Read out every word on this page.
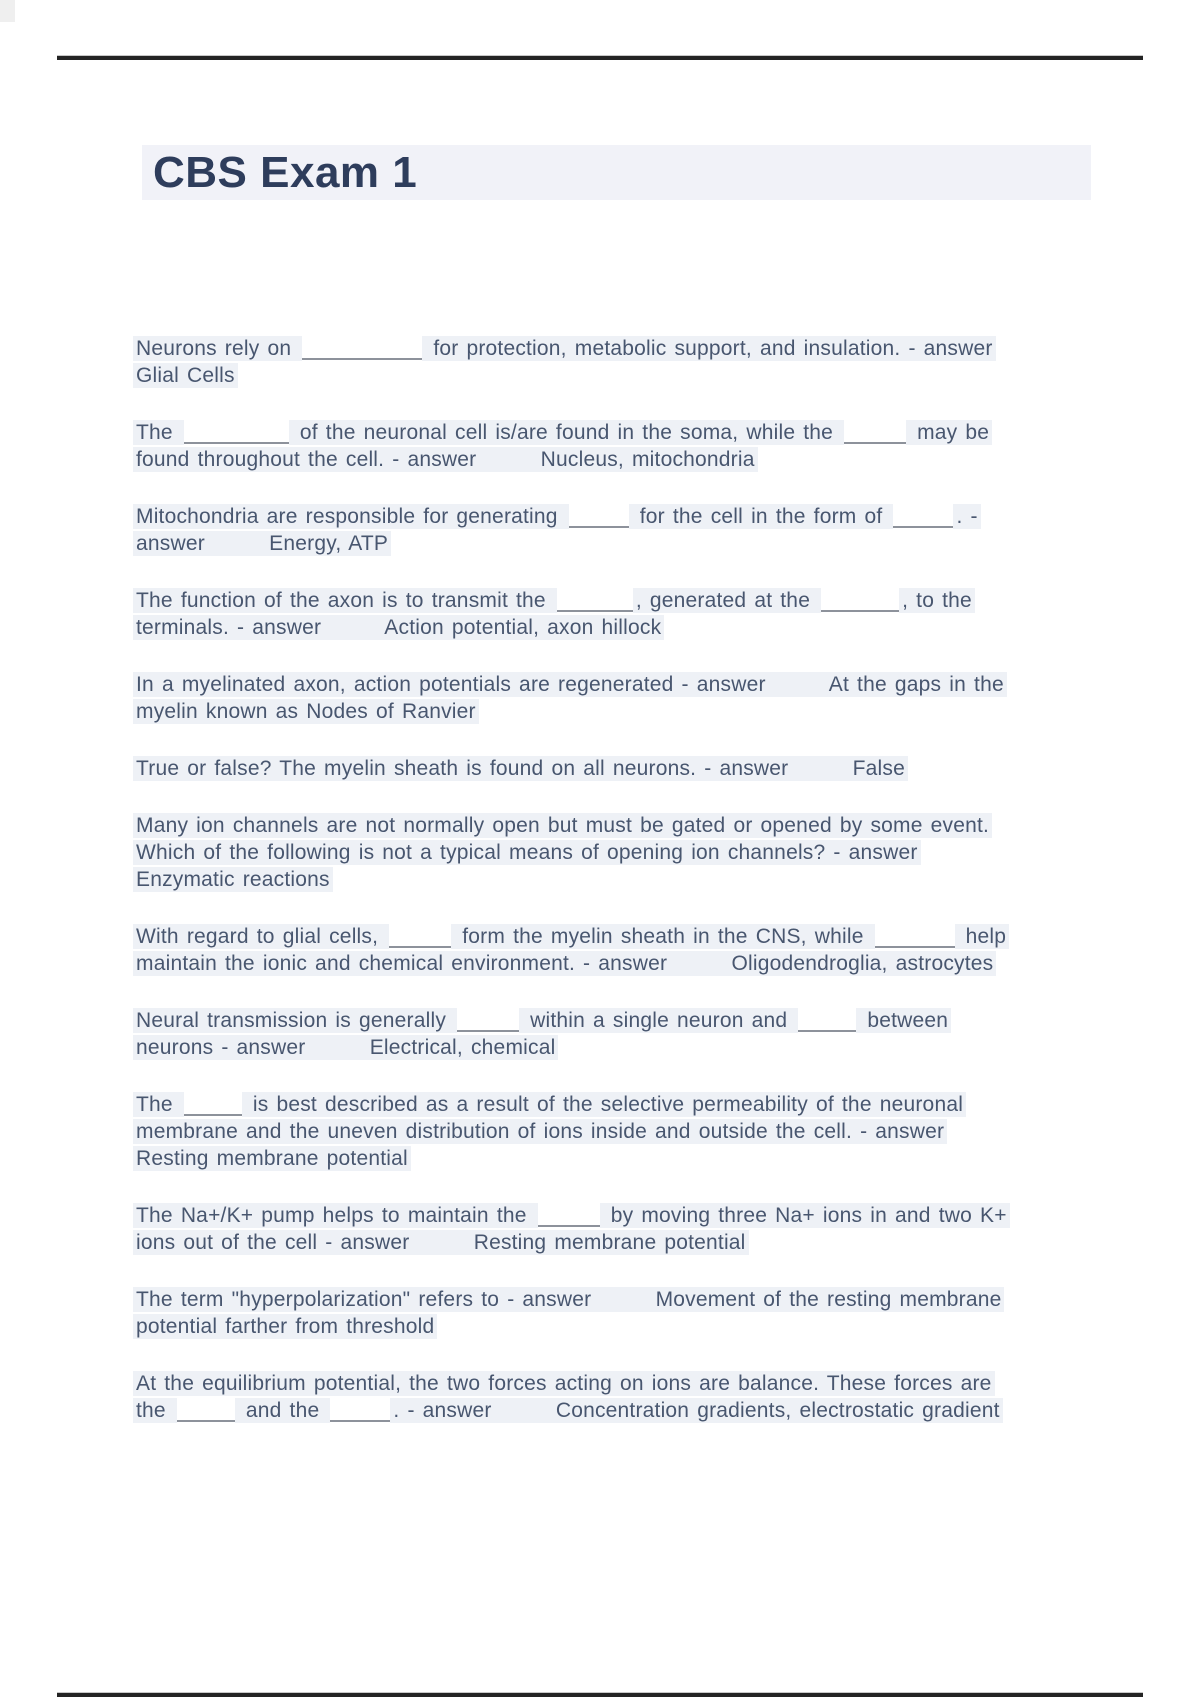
CBS Exam 1
Neurons rely on	for protection, metabolic support, and insulation. - answer
Glial Cells
The	of the neuronal cell is/are found in the soma, while the	may be
found throughout the cell. - answer        Nucleus, mitochondria
Mitochondria are responsible for generating	for the cell in the form of	. -
answer        Energy, ATP
The function of the axon is to transmit the	, generated at the	, to the
terminals. - answer        Action potential, axon hillock
In a myelinated axon, action potentials are regenerated - answer        At the gaps in the
myelin known as Nodes of Ranvier
True or false? The myelin sheath is found on all neurons. - answer        False
Many ion channels are not normally open but must be gated or opened by some event.
Which of the following is not a typical means of opening ion channels? - answer
Enzymatic reactions
With regard to glial cells,	form the myelin sheath in the CNS, while	help
maintain the ionic and chemical environment. - answer        Oligodendroglia, astrocytes
Neural transmission is generally	within a single neuron and	between
neurons - answer        Electrical, chemical
The	is best described as a result of the selective permeability of the neuronal
membrane and the uneven distribution of ions inside and outside the cell. - answer
Resting membrane potential
The Na+/K+ pump helps to maintain the	by moving three Na+ ions in and two K+
ions out of the cell - answer        Resting membrane potential
The term "hyperpolarization" refers to - answer        Movement of the resting membrane
potential farther from threshold
At the equilibrium potential, the two forces acting on ions are balance. These forces are
the	and the	. - answer        Concentration gradients, electrostatic gradient
